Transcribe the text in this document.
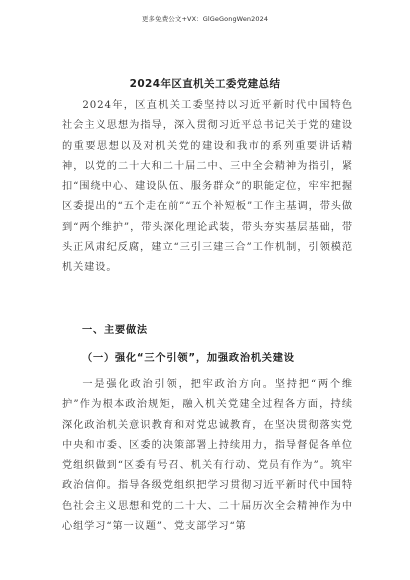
更多免费公文+VX：GlGeGongWen2024
2024年区直机关工委党建总结

2024年，区直机关工委坚持以习近平新时代中国特色社会主义思想为指导，深入贯彻习近平总书记关于党的建设的重要思想以及对机关党的建设和我市的系列重要讲话精神，以党的二十大和二十届二中、三中全会精神为指引，紧扣“围绕中心、建设队伍、服务群众”的职能定位，牢牢把握区委提出的“五个走在前”“五个补短板”工作主基调，带头做到“两个维护”，带头深化理论武装，带头夯实基层基础，带头正风肃纪反腐，建立“三引三建三合”工作机制，引领模范机关建设。

一、主要做法
（一）强化“三个引领”，加强政治机关建设

一是强化政治引领，把牢政治方向。坚持把“两个维护”作为根本政治规矩，融入机关党建全过程各方面，持续深化政治机关意识教育和对党忠诚教育，在坚决贯彻落实党中央和市委、区委的决策部署上持续用力，指导督促各单位党组织做到“区委有号召、机关有行动、党员有作为”。筑牢政治信仰。指导各级党组织把学习贯彻习近平新时代中国特色社会主义思想和党的二十大、二十届历次全会精神作为中心组学习“第一议题”、党支部学习“第
